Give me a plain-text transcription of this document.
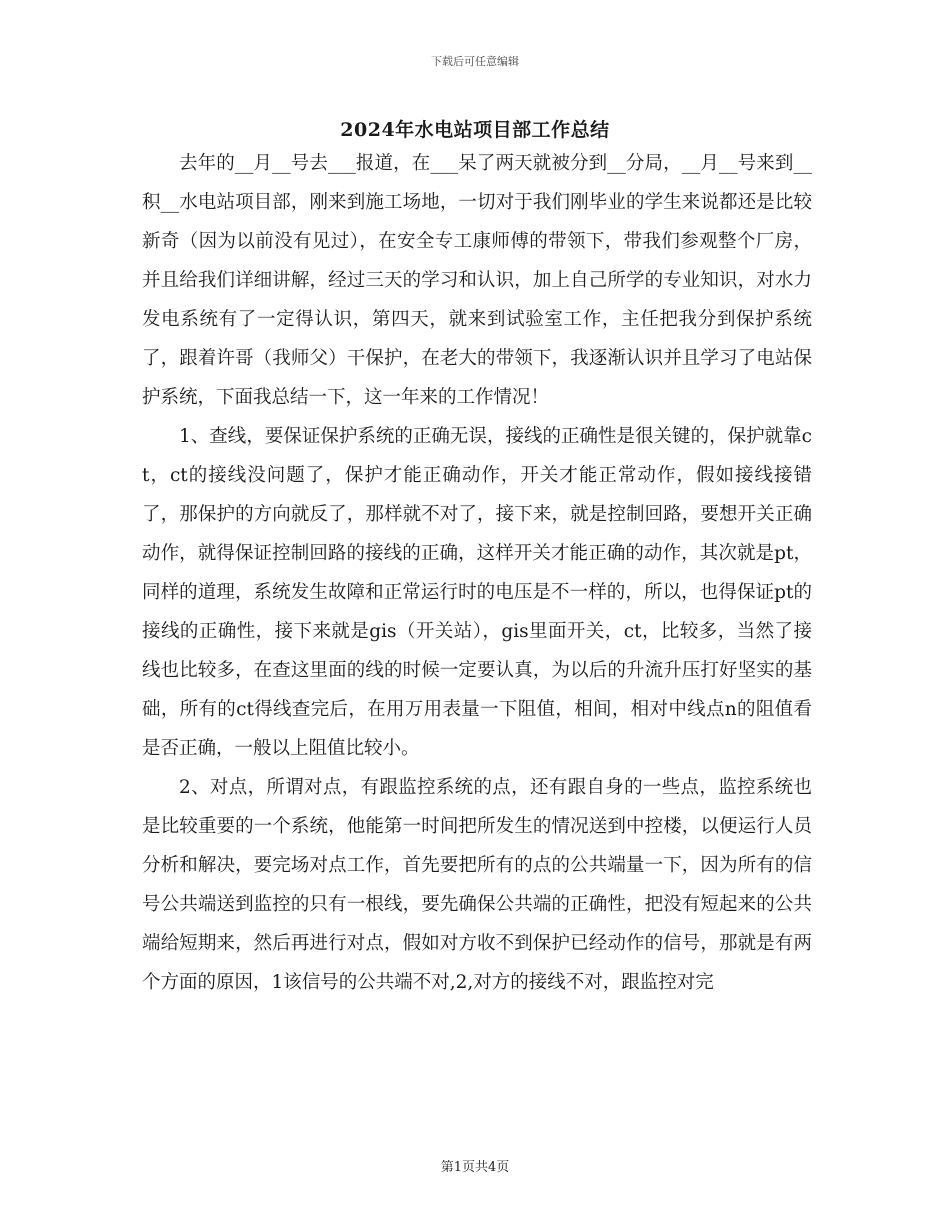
下载后可任意编辑
2024年水电站项目部工作总结

去年的__月__号去___报道，在___呆了两天就被分到__分局，__月__号来到__积__水电站项目部，刚来到施工场地，一切对于我们刚毕业的学生来说都还是比较新奇（因为以前没有见过），在安全专工康师傅的带领下，带我们参观整个厂房，并且给我们详细讲解，经过三天的学习和认识，加上自己所学的专业知识，对水力发电系统有了一定得认识，第四天，就来到试验室工作，主任把我分到保护系统了，跟着许哥（我师父）干保护，在老大的带领下，我逐渐认识并且学习了电站保护系统，下面我总结一下，这一年来的工作情况！

1、查线，要保证保护系统的正确无误，接线的正确性是很关键的，保护就靠ct，ct的接线没问题了，保护才能正确动作，开关才能正常动作，假如接线接错了，那保护的方向就反了，那样就不对了，接下来，就是控制回路，要想开关正确动作，就得保证控制回路的接线的正确，这样开关才能正确的动作，其次就是pt，同样的道理，系统发生故障和正常运行时的电压是不一样的，所以，也得保证pt的接线的正确性，接下来就是gis（开关站），gis里面开关，ct，比较多，当然了接线也比较多，在查这里面的线的时候一定要认真，为以后的升流升压打好坚实的基础，所有的ct得线查完后，在用万用表量一下阻值，相间，相对中线点n的阻值看是否正确，一般以上阻值比较小。

2、对点，所谓对点，有跟监控系统的点，还有跟自身的一些点，监控系统也是比较重要的一个系统，他能第一时间把所发生的情况送到中控楼，以便运行人员分析和解决，要完场对点工作，首先要把所有的点的公共端量一下，因为所有的信号公共端送到监控的只有一根线，要先确保公共端的正确性，把没有短起来的公共端给短期来，然后再进行对点，假如对方收不到保护已经动作的信号，那就是有两个方面的原因，1该信号的公共端不对,2,对方的接线不对，跟监控对完

第1页共4页
